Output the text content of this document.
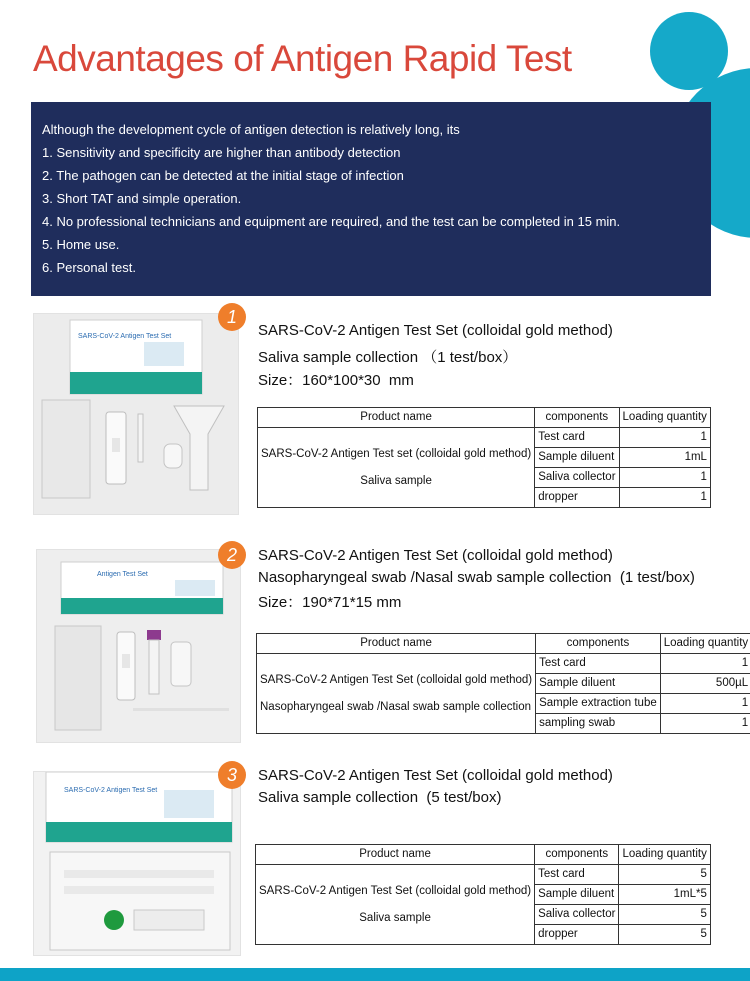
Advantages of Antigen Rapid Test
Although the development cycle of antigen detection is relatively long, its
1. Sensitivity and specificity are higher than antibody detection
2. The pathogen can be detected at the initial stage of infection
3. Short TAT and simple operation.
4. No professional technicians and equipment are required, and the test can be completed in 15 min.
5. Home use.
6. Personal test.
SARS-CoV-2 Antigen Test Set
1
SARS-CoV-2 Antigen Test Set (colloidal gold method)
Saliva sample collection （1 test/box）
Size：160*100*30  mm
Product name	components	Loading quantity
SARS-CoV-2 Antigen Test set (colloidal gold method)
Saliva sample	Test card	1
	Sample diluent	1mL
	Saliva collector	1
	dropper	1
Antigen Test Set
2	SARS-CoV-2 Antigen Test Set (colloidal gold method)
Nasopharyngeal swab /Nasal swab sample collection  (1 test/box)
Size：190*71*15 mm
Product name	components	Loading quantity
SARS-CoV-2 Antigen Test Set (colloidal gold method)
Nasopharyngeal swab /Nasal swab sample collection	Test card	1
	Sample diluent	500µL
	Sample extraction tube	1
	sampling swab	1
SARS-CoV-2 Antigen Test Set
3	SARS-CoV-2 Antigen Test Set (colloidal gold method)
Saliva sample collection  (5 test/box)
Product name	components	Loading quantity
SARS-CoV-2 Antigen Test Set (colloidal gold method)
Saliva sample	Test card	5
	Sample diluent	1mL*5
	Saliva collector	5
	dropper	5
